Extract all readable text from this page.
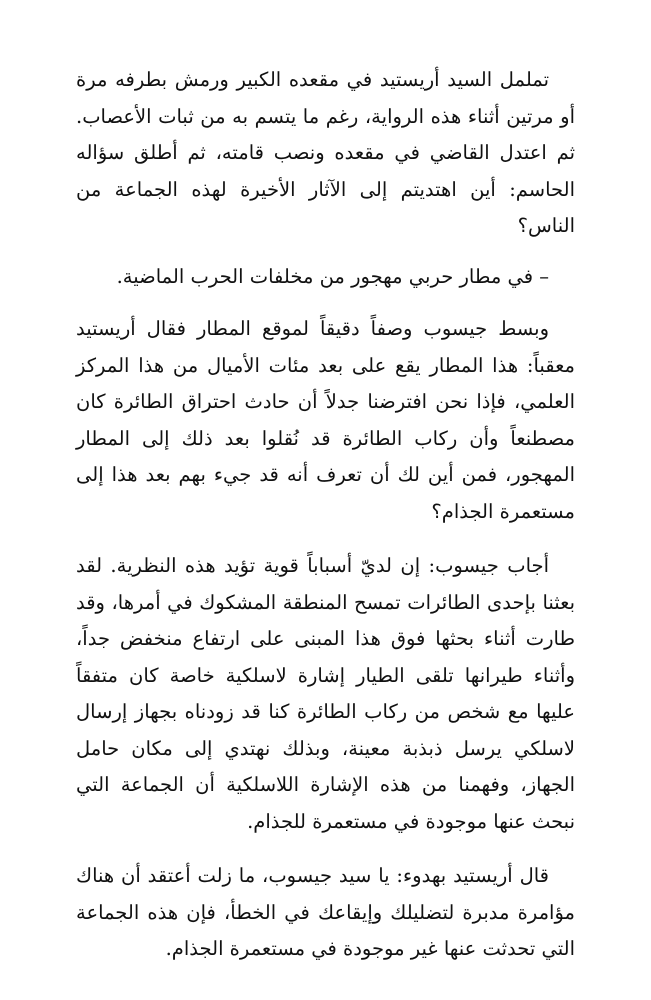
تململ السيد أريستيد في مقعده الكبير ورمش بطرفه مرة أو مرتين أثناء هذه الرواية، رغم ما يتسم به من ثبات الأعصاب. ثم اعتدل القاضي في مقعده ونصب قامته، ثم أطلق سؤاله الحاسم: أين اهتديتم إلى الآثار الأخيرة لهذه الجماعة من الناس؟

– في مطار حربي مهجور من مخلفات الحرب الماضية.

وبسط جيسوب وصفاً دقيقاً لموقع المطار فقال أريستيد معقباً: هذا المطار يقع على بعد مئات الأميال من هذا المركز العلمي، فإذا نحن افترضنا جدلاً أن حادث احتراق الطائرة كان مصطنعاً وأن ركاب الطائرة قد نُقلوا بعد ذلك إلى المطار المهجور، فمن أين لك أن تعرف أنه قد جيء بهم بعد هذا إلى مستعمرة الجذام؟

أجاب جيسوب: إن لديّ أسباباً قوية تؤيد هذه النظرية. لقد بعثنا بإحدى الطائرات تمسح المنطقة المشكوك في أمرها، وقد طارت أثناء بحثها فوق هذا المبنى على ارتفاع منخفض جداً، وأثناء طيرانها تلقى الطيار إشارة لاسلكية خاصة كان متفقاً عليها مع شخص من ركاب الطائرة كنا قد زودناه بجهاز إرسال لاسلكي يرسل ذبذبة معينة، وبذلك نهتدي إلى مكان حامل الجهاز، وفهمنا من هذه الإشارة اللاسلكية أن الجماعة التي نبحث عنها موجودة في مستعمرة للجذام.

قال أريستيد بهدوء: يا سيد جيسوب، ما زلت أعتقد أن هناك مؤامرة مدبرة لتضليلك وإيقاعك في الخطأ، فإن هذه الجماعة التي تحدثت عنها غير موجودة في مستعمرة الجذام.
